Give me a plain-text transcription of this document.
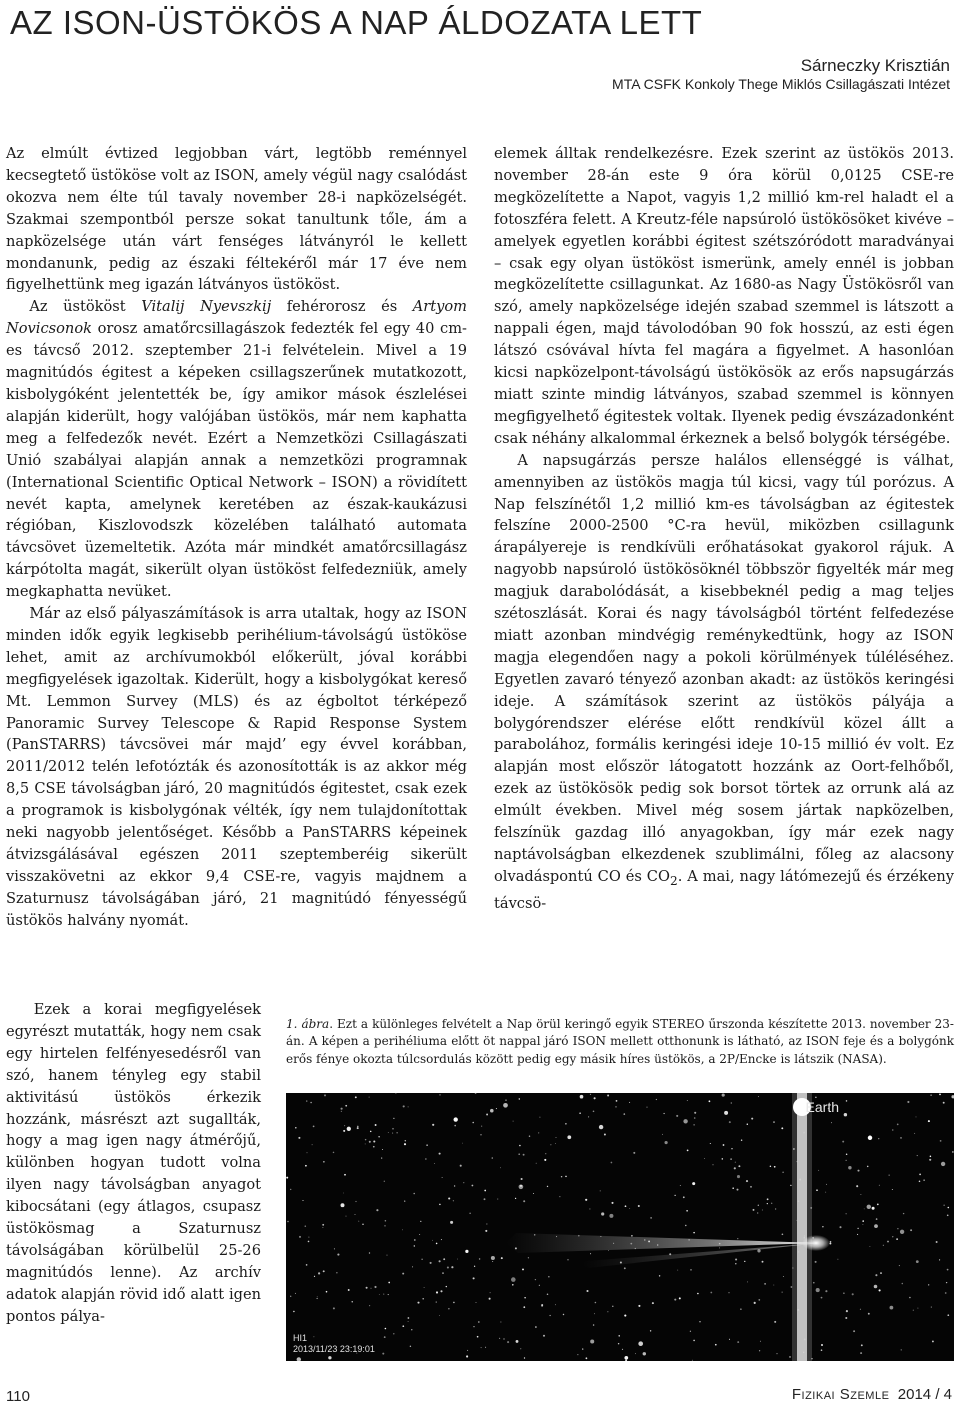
AZ ISON-ÜSTÖKÖS A NAP ÁLDOZATA LETT
Sárneczky Krisztián
MTA CSFK Konkoly Thege Miklós Csillagászati Intézet

Az elmúlt évtized legjobban várt, legtöbb reménnyel kecsegtető üstököse volt az ISON, amely végül nagy csalódást okozva nem élte túl tavaly november 28-i napközelségét. Szakmai szempontból persze sokat tanultunk tőle, ám a napközelsége után várt fenséges látványról le kellett mondanunk, pedig az északi féltekéről már 17 éve nem figyelhettünk meg igazán látványos üstököst.

Az üstököst Vitalij Nyevszkij fehérorosz és Artyom Novicsonok orosz amatőrcsillagászok fedezték fel egy 40 cm-es távcső 2012. szeptember 21-i felvételein. Mivel a 19 magnitúdós égitest a képeken csillagszerűnek mutatkozott, kisbolygóként jelentették be, így amikor mások észlelései alapján kiderült, hogy valójában üstökös, már nem kaphatta meg a felfedezők nevét. Ezért a Nemzetközi Csillagászati Unió szabályai alapján annak a nemzetközi programnak (International Scientific Optical Network – ISON) a rövidített nevét kapta, amelynek keretében az észak-kaukázusi régióban, Kiszlovodszk közelében található automata távcsövet üzemeltetik. Azóta már mindkét amatőrcsillagász kárpótolta magát, sikerült olyan üstököst felfedezniük, amely megkaphatta nevüket.

Már az első pályaszámítások is arra utaltak, hogy az ISON minden idők egyik legkisebb perihélium-távolságú üstököse lehet, amit az archívumokból előkerült, jóval korábbi megfigyelések igazoltak. Kiderült, hogy a kisbolygókat kereső Mt. Lemmon Survey (MLS) és az égboltot térképező Panoramic Survey Telescope & Rapid Response System (PanSTARRS) távcsövei már majd’ egy évvel korábban, 2011/2012 telén lefotózták és azonosították is az akkor még 8,5 CSE távolságban járó, 20 magnitúdós égitestet, csak ezek a programok is kisbolygónak vélték, így nem tulajdonítottak neki nagyobb jelentőséget. Később a PanSTARRS képeinek átvizsgálásával egészen 2011 szeptemberéig sikerült visszakövetni az ekkor 9,4 CSE-re, vagyis majdnem a Szaturnusz távolságában járó, 21 magnitúdó fényességű üstökös halvány nyomát.

Ezek a korai megfigyelések egyrészt mutatták, hogy nem csak egy hirtelen felfényesedésről van szó, hanem tényleg egy stabil aktivitású üstökös érkezik hozzánk, másrészt azt sugallták, hogy a mag igen nagy átmérőjű, különben hogyan tudott volna ilyen nagy távolságban anyagot kibocsátani (egy átlagos, csupasz üstökösmag a Szaturnusz távolságában körülbelül 25-26 magnitúdós lenne). Az archív adatok alapján rövid idő alatt igen pontos pálya-

elemek álltak rendelkezésre. Ezek szerint az üstökös 2013. november 28-án este 9 óra körül 0,0125 CSE-re megközelítette a Napot, vagyis 1,2 millió km-rel haladt el a fotoszféra felett. A Kreutz-féle napsúroló üstökösöket kivéve – amelyek egyetlen korábbi égitest szétszóródott maradványai – csak egy olyan üstököst ismerünk, amely ennél is jobban megközelítette csillagunkat. Az 1680-as Nagy Üstökösről van szó, amely napközelsége idején szabad szemmel is látszott a nappali égen, majd távolodóban 90 fok hosszú, az esti égen látszó csóvával hívta fel magára a figyelmet. A hasonlóan kicsi napközelpont-távolságú üstökösök az erős napsugárzás miatt szinte mindig látványos, szabad szemmel is könnyen megfigyelhető égitestek voltak. Ilyenek pedig évszázadonként csak néhány alkalommal érkeznek a belső bolygók térségébe.

A napsugárzás persze halálos ellenséggé is válhat, amennyiben az üstökös magja túl kicsi, vagy túl porózus. A Nap felszínétől 1,2 millió km-es távolságban az égitestek felszíne 2000-2500 °C-ra hevül, miközben csillagunk árapályereje is rendkívüli erőhatásokat gyakorol rájuk. A nagyobb napsúroló üstökösöknél többször figyelték már meg magjuk darabolódását, a kisebbeknél pedig a mag teljes szétoszlását. Korai és nagy távolságból történt felfedezése miatt azonban mindvégig reménykedtünk, hogy az ISON magja elegendően nagy a pokoli körülmények túléléséhez. Egyetlen zavaró tényező azonban akadt: az üstökös keringési ideje. A számítások szerint az üstökös pályája a bolygórendszer elérése előtt rendkívül közel állt a parabolához, formális keringési ideje 10-15 millió év volt. Ez alapján most először látogatott hozzánk az Oort-felhőből, ezek az üstökösök pedig sok borsot törtek az orrunk alá az elmúlt években. Mivel még sosem jártak napközelben, felszínük gazdag illó anyagokban, így már ezek nagy naptávolságban elkezdenek szublimálni, főleg az alacsony olvadáspontú CO és $CO_2$. A mai, nagy látómezejű és érzékeny távcsö-

1. ábra. Ezt a különleges felvételt a Nap örül keringő egyik STEREO űrszonda készítette 2013. november 23-án. A képen a perihéliuma előtt öt nappal járó ISON mellett otthonunk is látható, az ISON feje és a bolygónk erős fénye okozta túlcsordulás között pedig egy másik híres üstökös, a 2P/Encke is látszik (NASA).
Earth
HI1
2013/11/23 23:19:01
110	Fizikai Szemle 2014 / 4
